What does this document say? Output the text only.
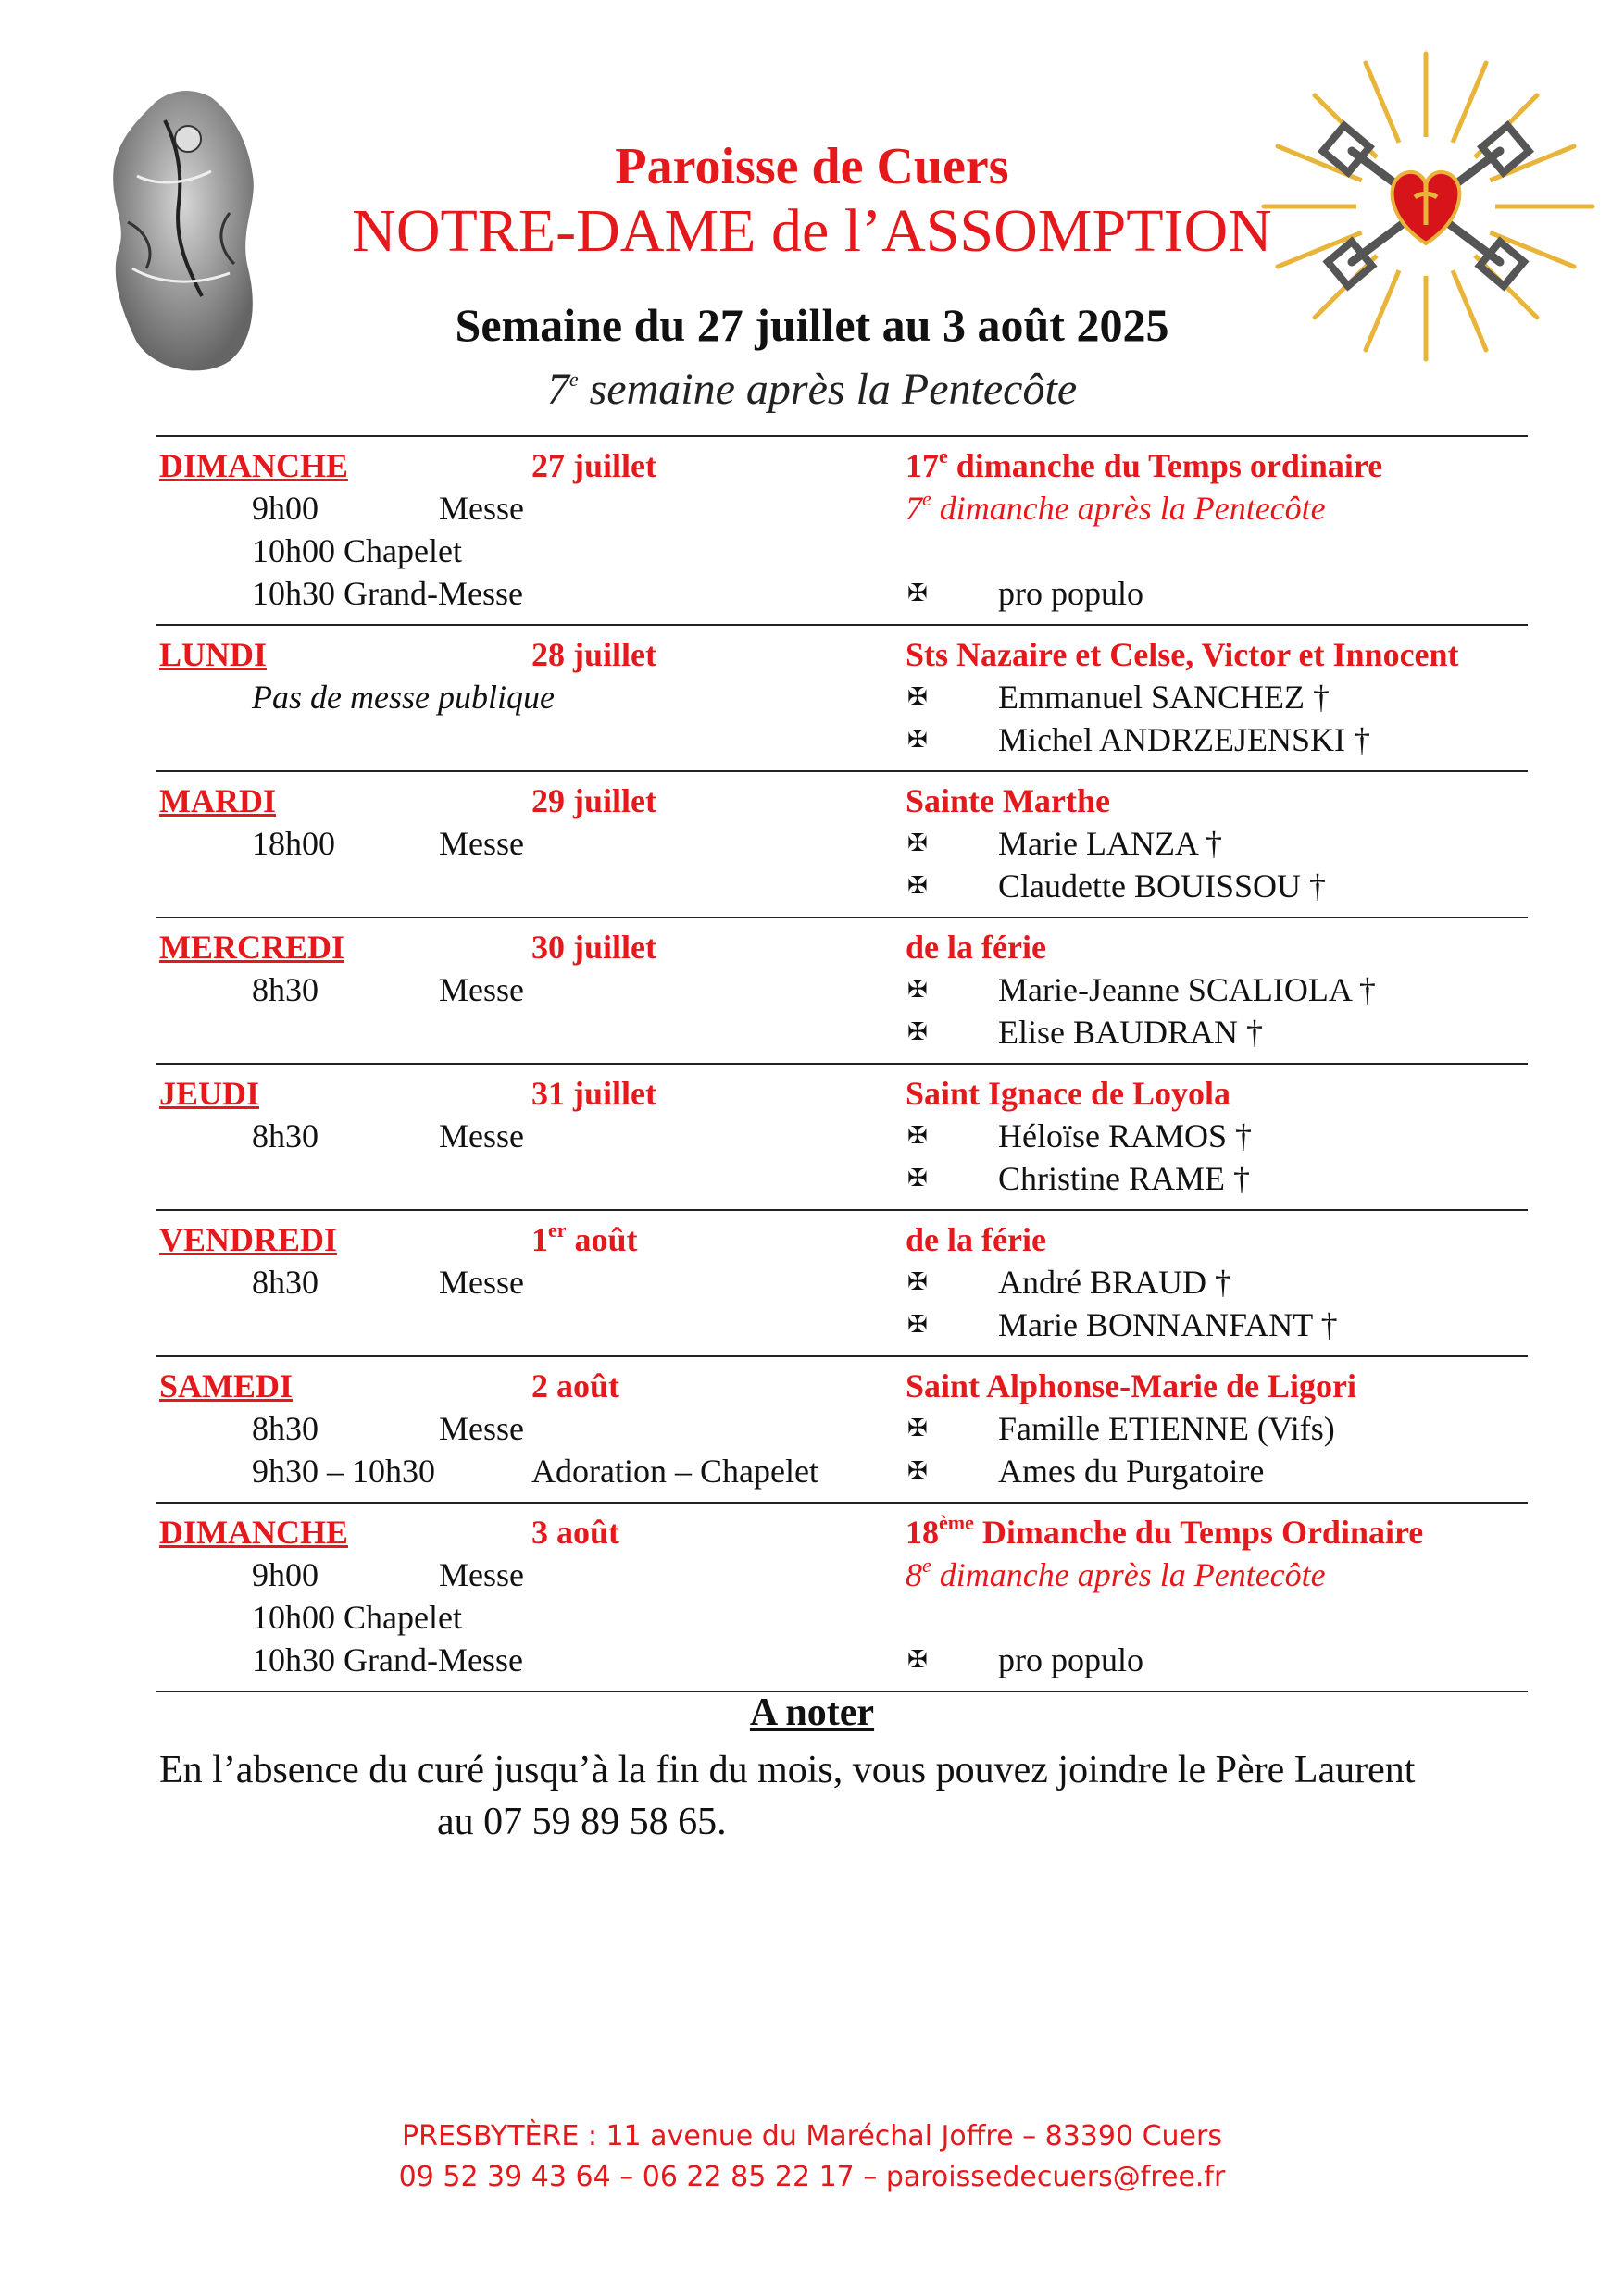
Paroisse de Cuers
NOTRE-DAME de l’ASSOMPTION
Semaine du 27 juillet au 3 août 2025
7e semaine après la Pentecôte
DIMANCHE	27 juillet	17e dimanche du Temps ordinaire
9h00	Messe	7e dimanche après la Pentecôte
10h00 Chapelet
10h30 Grand-Messe	✠ pro populo
LUNDI	28 juillet	Sts Nazaire et Celse, Victor et Innocent
Pas de messe publique	✠ Emmanuel SANCHEZ †
✠ Michel ANDRZEJENSKI †
MARDI	29 juillet	Sainte Marthe
18h00	Messe	✠ Marie LANZA †
✠ Claudette BOUISSOU †
MERCREDI	30 juillet	de la férie
8h30	Messe	✠ Marie-Jeanne SCALIOLA †
✠ Elise BAUDRAN †
JEUDI	31 juillet	Saint Ignace de Loyola
8h30	Messe	✠ Héloïse RAMOS †
✠ Christine RAME †
VENDREDI	1er août	de la férie
8h30	Messe	✠ André BRAUD †
✠ Marie BONNANFANT †
SAMEDI	2 août	Saint Alphonse-Marie de Ligori
8h30	Messe	✠ Famille ETIENNE (Vifs)
9h30 – 10h30	Adoration – Chapelet	✠ Ames du Purgatoire
DIMANCHE	3 août	18ème Dimanche du Temps Ordinaire
9h00	Messe	8e dimanche après la Pentecôte
10h00 Chapelet
10h30 Grand-Messe	✠ pro populo
A noter
En l’absence du curé jusqu’à la fin du mois, vous pouvez joindre le Père Laurent
au 07 59 89 58 65.
PRESBYTÈRE : 11 avenue du Maréchal Joffre – 83390 Cuers
09 52 39 43 64 – 06 22 85 22 17 – paroissedecuers@free.fr
